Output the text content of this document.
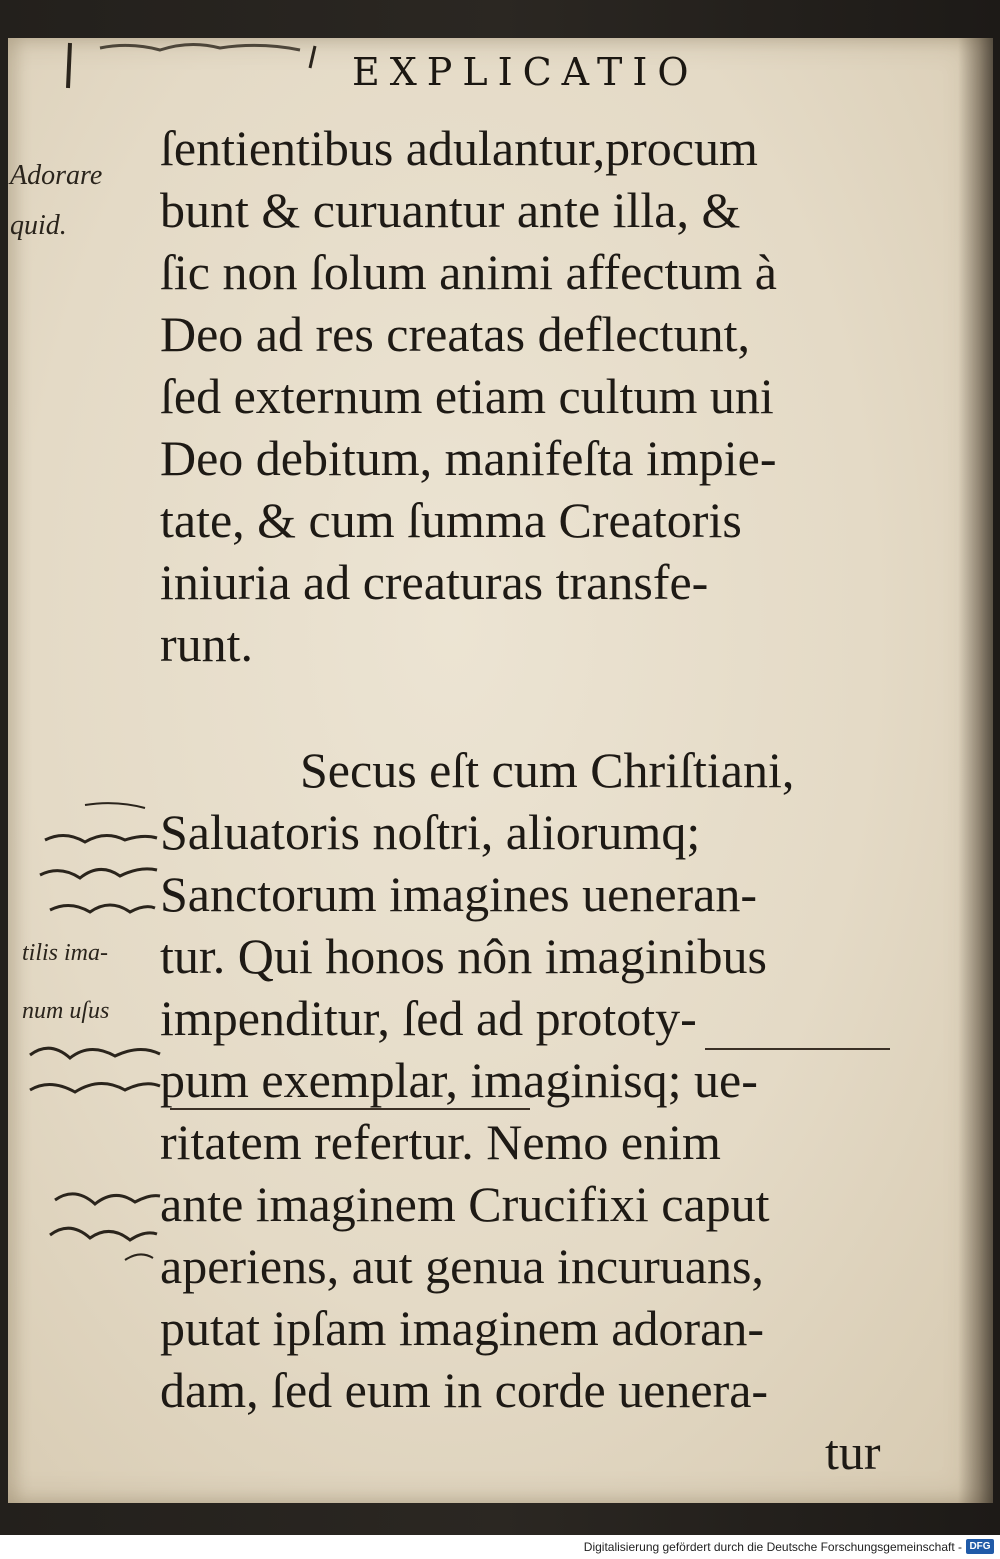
EXPLICATIO
Adorare
quid.
ſentientibus adulantur,procum
bunt & curuantur ante illa, &
ſic non ſolum animi affectum à
Deo ad res creatas deflectunt,
ſed externum etiam cultum uni
Deo debitum, manifeſta impie-
tate, & cum ſumma Creatoris
iniuria ad creaturas transfe-
runt.
Secus eſt cum Chriſtiani,
Saluatoris noſtri, aliorumq;
Sanctorum imagines ueneran-
tur. Qui honos nôn imaginibus
impenditur, ſed ad prototy-
pum exemplar, imaginisq; ue-
ritatem refertur. Nemo enim
ante imaginem Crucifixi caput
aperiens, aut genua incuruans,
putat ipſam imaginem adoran-
dam, ſed eum in corde uenera-
tur
tilis ima-
num uſus
Digitalisierung gefördert durch die Deutsche Forschungsgemeinschaft - DFG
